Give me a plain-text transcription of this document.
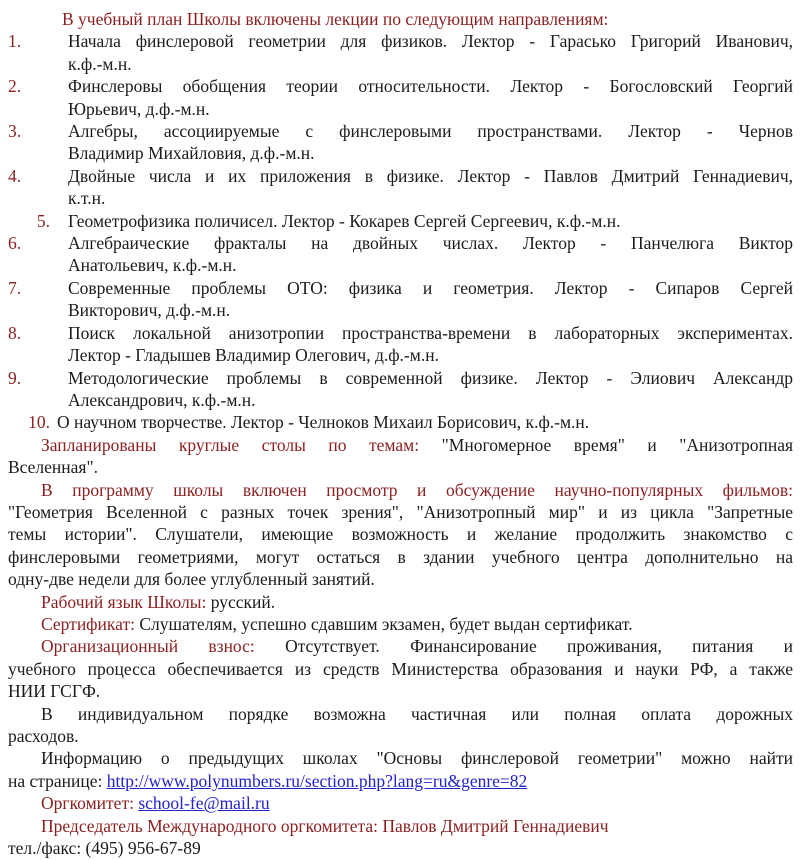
В учебный план Школы включены лекции по следующим направлениям:
1.	Начала финслеровой геометрии для физиков. Лектор - Гарасько Григорий Иванович,
к.ф.-м.н.
2.	Финслеровы обобщения теории относительности. Лектор - Богословский Георгий
Юрьевич, д.ф.-м.н.
3.	Алгебры, ассоциируемые с финслеровыми пространствами. Лектор - Чернов
Владимир Михайловия, д.ф.-м.н.
4.	Двойные числа и их приложения в физике. Лектор - Павлов Дмитрий Геннадиевич,
к.т.н.
5. Геометрофизика поличисел. Лектор - Кокарев Сергей Сергеевич, к.ф.-м.н.
6.	Алгебраические фракталы на двойных числах. Лектор - Панчелюга Виктор
Анатольевич, к.ф.-м.н.
7.	Современные проблемы ОТО: физика и геометрия. Лектор - Сипаров Сергей
Викторович, д.ф.-м.н.
8.	Поиск локальной анизотропии пространства-времени в лабораторных экспериментах.
Лектор - Гладышев Владимир Олегович, д.ф.-м.н.
9.	Методологические проблемы в современной физике. Лектор - Элиович Александр
Александрович, к.ф.-м.н.
10. О научном творчестве. Лектор - Челноков Михаил Борисович, к.ф.-м.н.
Запланированы круглые столы по темам: "Многомерное время" и "Анизотропная
Вселенная".
В программу школы включен просмотр и обсуждение научно-популярных фильмов:
"Геометрия Вселенной с разных точек зрения", "Анизотропный мир" и из цикла "Запретные
темы истории". Слушатели, имеющие возможность и желание продолжить знакомство с
финслеровыми геометриями, могут остаться в здании учебного центра дополнительно на
одну-две недели для более углубленный занятий.
Рабочий язык Школы: русский.
Сертификат: Слушателям, успешно сдавшим экзамен, будет выдан сертификат.
Организационный взнос: Отсутствует. Финансирование проживания, питания и
учебного процесса обеспечивается из средств Министерства образования и науки РФ, а также
НИИ ГСГФ.
В индивидуальном порядке возможна частичная или полная оплата дорожных
расходов.
Информацию о предыдущих школах "Основы финслеровой геометрии" можно найти
на странице: http://www.polynumbers.ru/section.php?lang=ru&genre=82
Оргкомитет: school-fe@mail.ru
Председатель Международного оргкомитета: Павлов Дмитрий Геннадиевич
тел./факс: (495) 956-67-89
